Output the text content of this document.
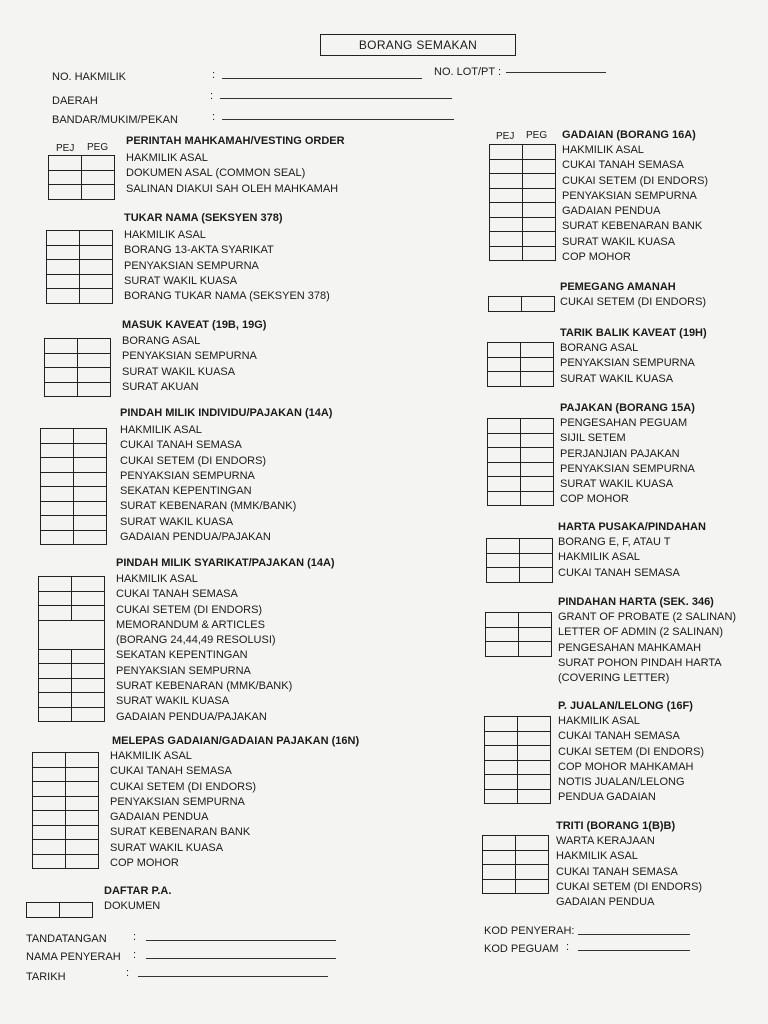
BORANG SEMAKAN
NO. HAKMILIK	:	NO. LOT/PT :
DAERAH	:
BANDAR/MUKIM/PEKAN	:
PEJ PEG
PEJ PEG
PERINTAH MAHKAMAH/VESTING ORDER
HAKMILIK ASAL
DOKUMEN ASAL (COMMON SEAL)
SALINAN DIAKUI SAH OLEH MAHKAMAH

TUKAR NAMA (SEKSYEN 378)
HAKMILIK ASAL
BORANG 13-AKTA SYARIKAT
PENYAKSIAN SEMPURNA
SURAT WAKIL KUASA
BORANG TUKAR NAMA (SEKSYEN 378)

MASUK KAVEAT (19B, 19G)
BORANG ASAL
PENYAKSIAN SEMPURNA
SURAT WAKIL KUASA
SURAT AKUAN

PINDAH MILIK INDIVIDU/PAJAKAN (14A)
HAKMILIK ASAL
CUKAI TANAH SEMASA
CUKAI SETEM (DI ENDORS)
PENYAKSIAN SEMPURNA
SEKATAN KEPENTINGAN
SURAT KEBENARAN (MMK/BANK)
SURAT WAKIL KUASA
GADAIAN PENDUA/PAJAKAN

PINDAH MILIK SYARIKAT/PAJAKAN (14A)
HAKMILIK ASAL
CUKAI TANAH SEMASA
CUKAI SETEM (DI ENDORS)
MEMORANDUM & ARTICLES
(BORANG 24,44,49 RESOLUSI)
SEKATAN KEPENTINGAN
PENYAKSIAN SEMPURNA
SURAT KEBENARAN (MMK/BANK)
SURAT WAKIL KUASA
GADAIAN PENDUA/PAJAKAN

MELEPAS GADAIAN/GADAIAN PAJAKAN (16N)
HAKMILIK ASAL
CUKAI TANAH SEMASA
CUKAI SETEM (DI ENDORS)
PENYAKSIAN SEMPURNA
GADAIAN PENDUA
SURAT KEBENARAN BANK
SURAT WAKIL KUASA
COP MOHOR

DAFTAR P.A.
DOKUMEN

GADAIAN (BORANG 16A)
HAKMILIK ASAL
CUKAI TANAH SEMASA
CUKAI SETEM (DI ENDORS)
PENYAKSIAN SEMPURNA
GADAIAN PENDUA
SURAT KEBENARAN BANK
SURAT WAKIL KUASA
COP MOHOR

PEMEGANG AMANAH
CUKAI SETEM (DI ENDORS)

TARIK BALIK KAVEAT (19H)
BORANG ASAL
PENYAKSIAN SEMPURNA
SURAT WAKIL KUASA

PAJAKAN (BORANG 15A)
PENGESAHAN PEGUAM
SIJIL SETEM
PERJANJIAN PAJAKAN
PENYAKSIAN SEMPURNA
SURAT WAKIL KUASA
COP MOHOR

HARTA PUSAKA/PINDAHAN
BORANG E, F, ATAU T
HAKMILIK ASAL
CUKAI TANAH SEMASA

PINDAHAN HARTA (SEK. 346)
GRANT OF PROBATE (2 SALINAN)
LETTER OF ADMIN (2 SALINAN)
PENGESAHAN MAHKAMAH
SURAT POHON PINDAH HARTA
(COVERING LETTER)

P. JUALAN/LELONG (16F)
HAKMILIK ASAL
CUKAI TANAH SEMASA
CUKAI SETEM (DI ENDORS)
COP MOHOR MAHKAMAH
NOTIS JUALAN/LELONG
PENDUA GADAIAN

TRITI (BORANG 1(B)B)
WARTA KERAJAAN
HAKMILIK ASAL
CUKAI TANAH SEMASA
CUKAI SETEM (DI ENDORS)
GADAIAN PENDUA

TANDATANGAN :
NAMA PENYERAH :
TARIKH	:
KOD PENYERAH:
KOD PEGUAM :
